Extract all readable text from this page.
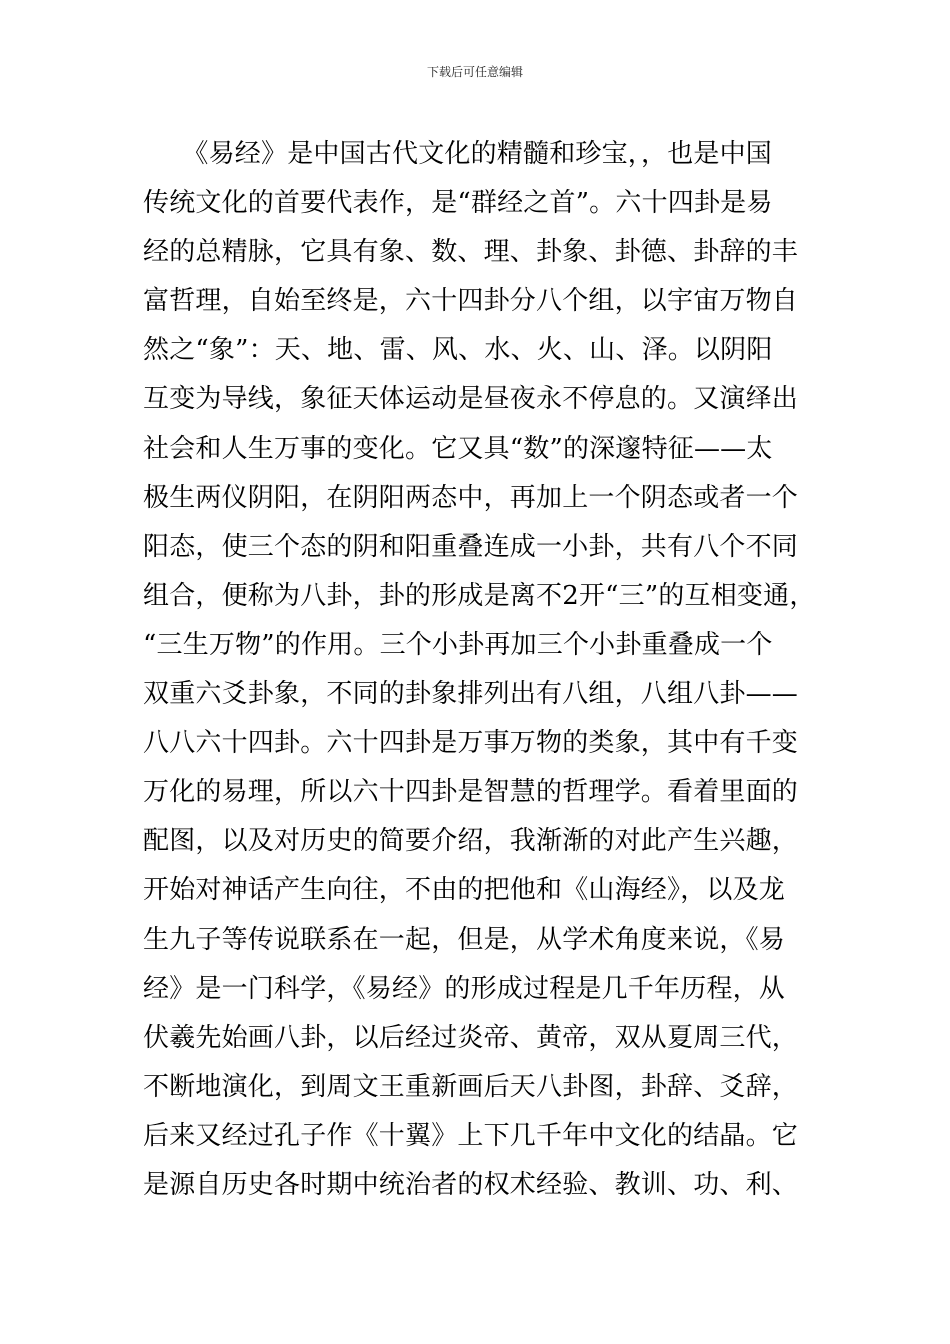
下载后可任意编辑
　　《易经》是中国古代文化的精髓和珍宝，，也是中国
传统文化的首要代表作，是“群经之首”。六十四卦是易
经的总精脉，它具有象、数、理、卦象、卦德、卦辞的丰
富哲理，自始至终是，六十四卦分八个组，以宇宙万物自
然之“象”：天、地、雷、风、水、火、山、泽。以阴阳
互变为导线，象征天体运动是昼夜永不停息的。又演绎出
社会和人生万事的变化。它又具“数”的深邃特征——太
极生两仪阴阳，在阴阳两态中，再加上一个阴态或者一个
阳态，使三个态的阴和阳重叠连成一小卦，共有八个不同
组合，便称为八卦，卦的形成是离不2开“三”的互相变通，
“三生万物”的作用。三个小卦再加三个小卦重叠成一个
双重六爻卦象，不同的卦象排列出有八组，八组八卦——
八八六十四卦。六十四卦是万事万物的类象，其中有千变
万化的易理，所以六十四卦是智慧的哲理学。看着里面的
配图，以及对历史的简要介绍，我渐渐的对此产生兴趣，
开始对神话产生向往，不由的把他和《山海经》，以及龙
生九子等传说联系在一起，但是，从学术角度来说，《易
经》是一门科学，《易经》的形成过程是几千年历程，从
伏羲先始画八卦，以后经过炎帝、黄帝，双从夏周三代，
不断地演化，到周文王重新画后天八卦图，卦辞、爻辞，
后来又经过孔子作《十翼》上下几千年中文化的结晶。它
是源自历史各时期中统治者的权术经验、教训、功、利、
